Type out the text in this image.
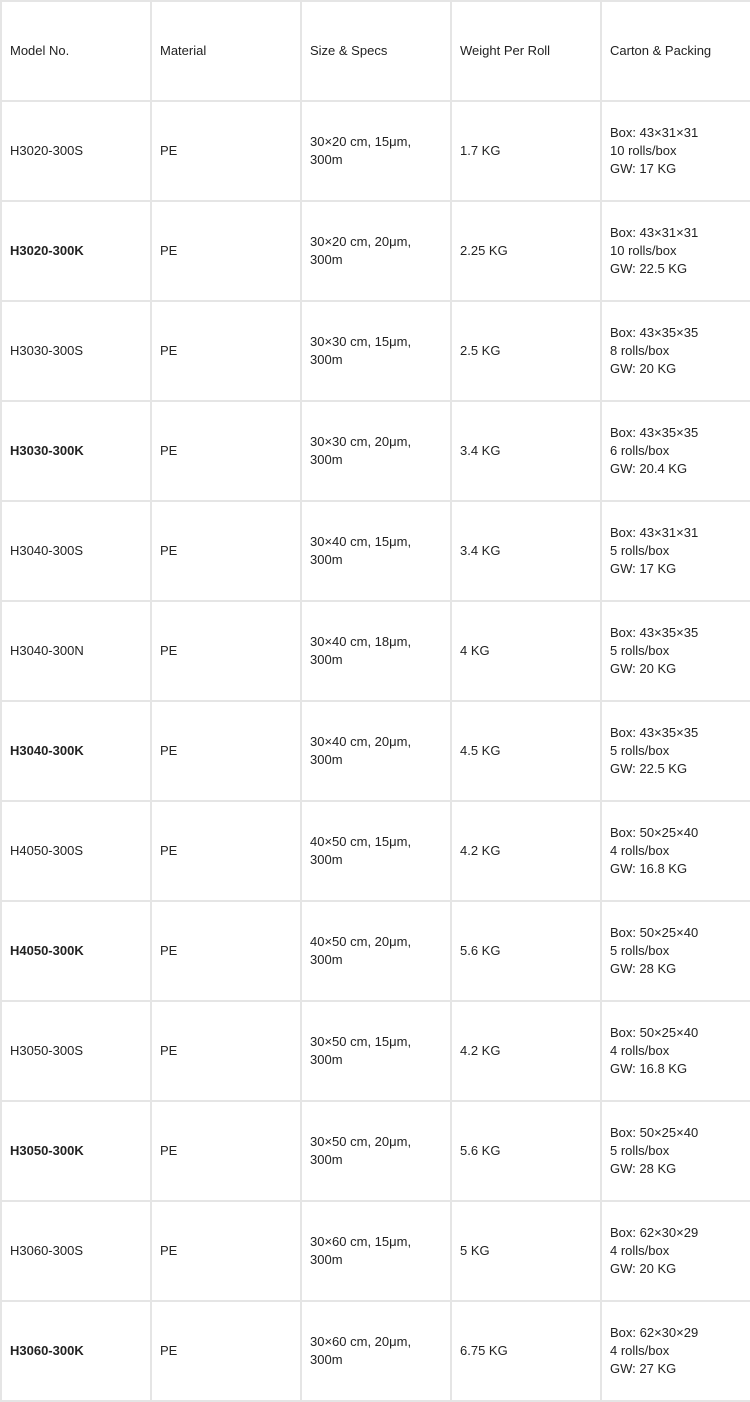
Model No.	Material	Size & Specs	Weight Per Roll	Carton & Packing
H3020-300S	PE	30×20 cm, 15μm,
300m	1.7 KG	Box: 43×31×31
10 rolls/box
GW: 17 KG

H3020-300K	PE	30×20 cm, 20μm,
300m	2.25 KG	Box: 43×31×31
10 rolls/box
GW: 22.5 KG

H3030-300S	PE	30×30 cm, 15μm,
300m	2.5 KG	Box: 43×35×35
8 rolls/box
GW: 20 KG

H3030-300K	PE	30×30 cm, 20μm,
300m	3.4 KG	Box: 43×35×35
6 rolls/box
GW: 20.4 KG

H3040-300S	PE	30×40 cm, 15μm,
300m	3.4 KG	Box: 43×31×31
5 rolls/box
GW: 17 KG

H3040-300N	PE	30×40 cm, 18μm,
300m	4 KG	Box: 43×35×35
5 rolls/box
GW: 20 KG

H3040-300K	PE	30×40 cm, 20μm,
300m	4.5 KG	Box: 43×35×35
5 rolls/box
GW: 22.5 KG

H4050-300S	PE	40×50 cm, 15μm,
300m	4.2 KG	Box: 50×25×40
4 rolls/box
GW: 16.8 KG

H4050-300K	PE	40×50 cm, 20μm,
300m	5.6 KG	Box: 50×25×40
5 rolls/box
GW: 28 KG

H3050-300S	PE	30×50 cm, 15μm,
300m	4.2 KG	Box: 50×25×40
4 rolls/box
GW: 16.8 KG

H3050-300K	PE	30×50 cm, 20μm,
300m	5.6 KG	Box: 50×25×40
5 rolls/box
GW: 28 KG

H3060-300S	PE	30×60 cm, 15μm,
300m	5 KG	Box: 62×30×29
4 rolls/box
GW: 20 KG

H3060-300K	PE	30×60 cm, 20μm,
300m	6.75 KG	Box: 62×30×29
4 rolls/box
GW: 27 KG
